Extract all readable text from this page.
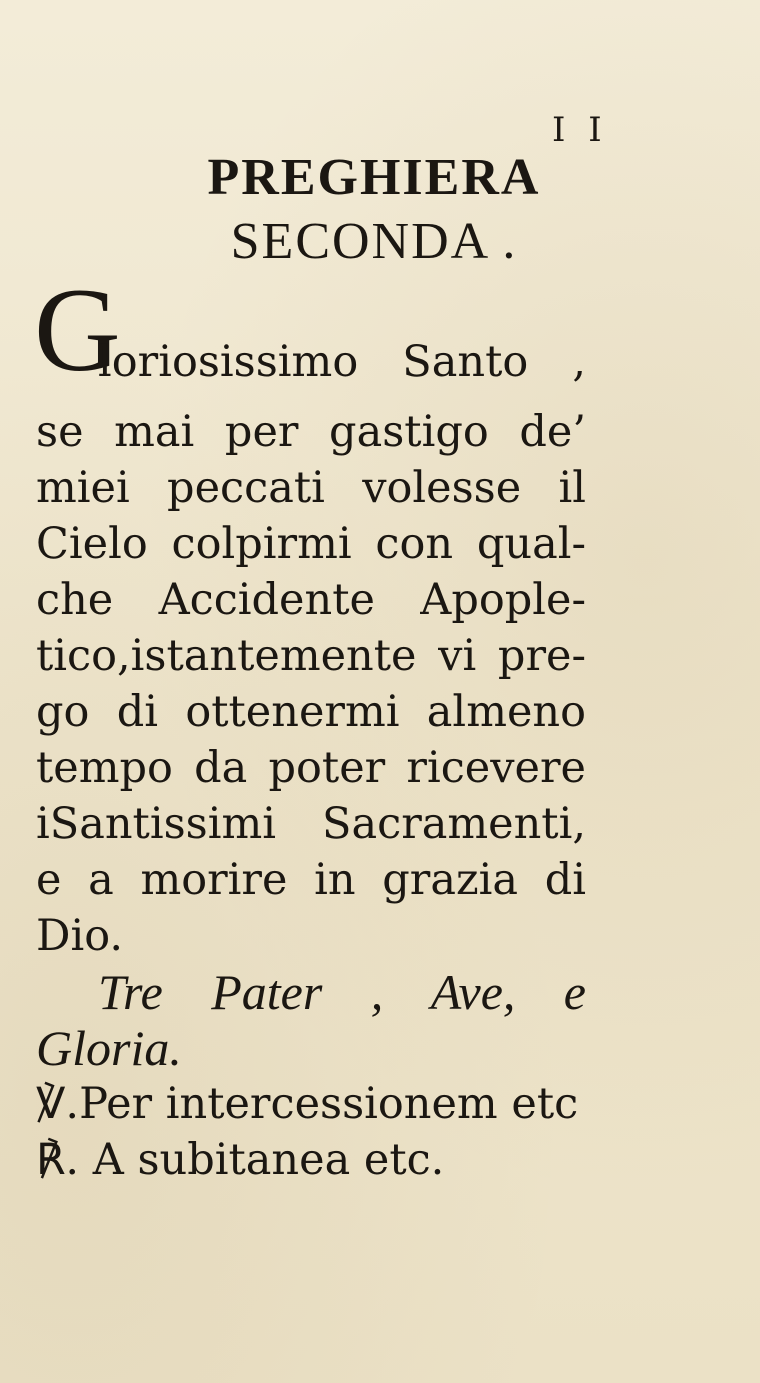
I I
PREGHIERA
SECONDA .
G
loriosissimo Santo ,
se mai per gastigo de’
miei peccati volesse il
Cielo colpirmi con qual-
che Accidente Apople-
tico,istantemente vi pre-
go di ottenermi almeno
tempo da poter ricevere
iSantissimi Sacramenti,
e a morire in grazia di
Dio.
Tre Pater , Ave, e
Gloria.
℣.Per intercessionem etc
℟. A subitanea etc.
